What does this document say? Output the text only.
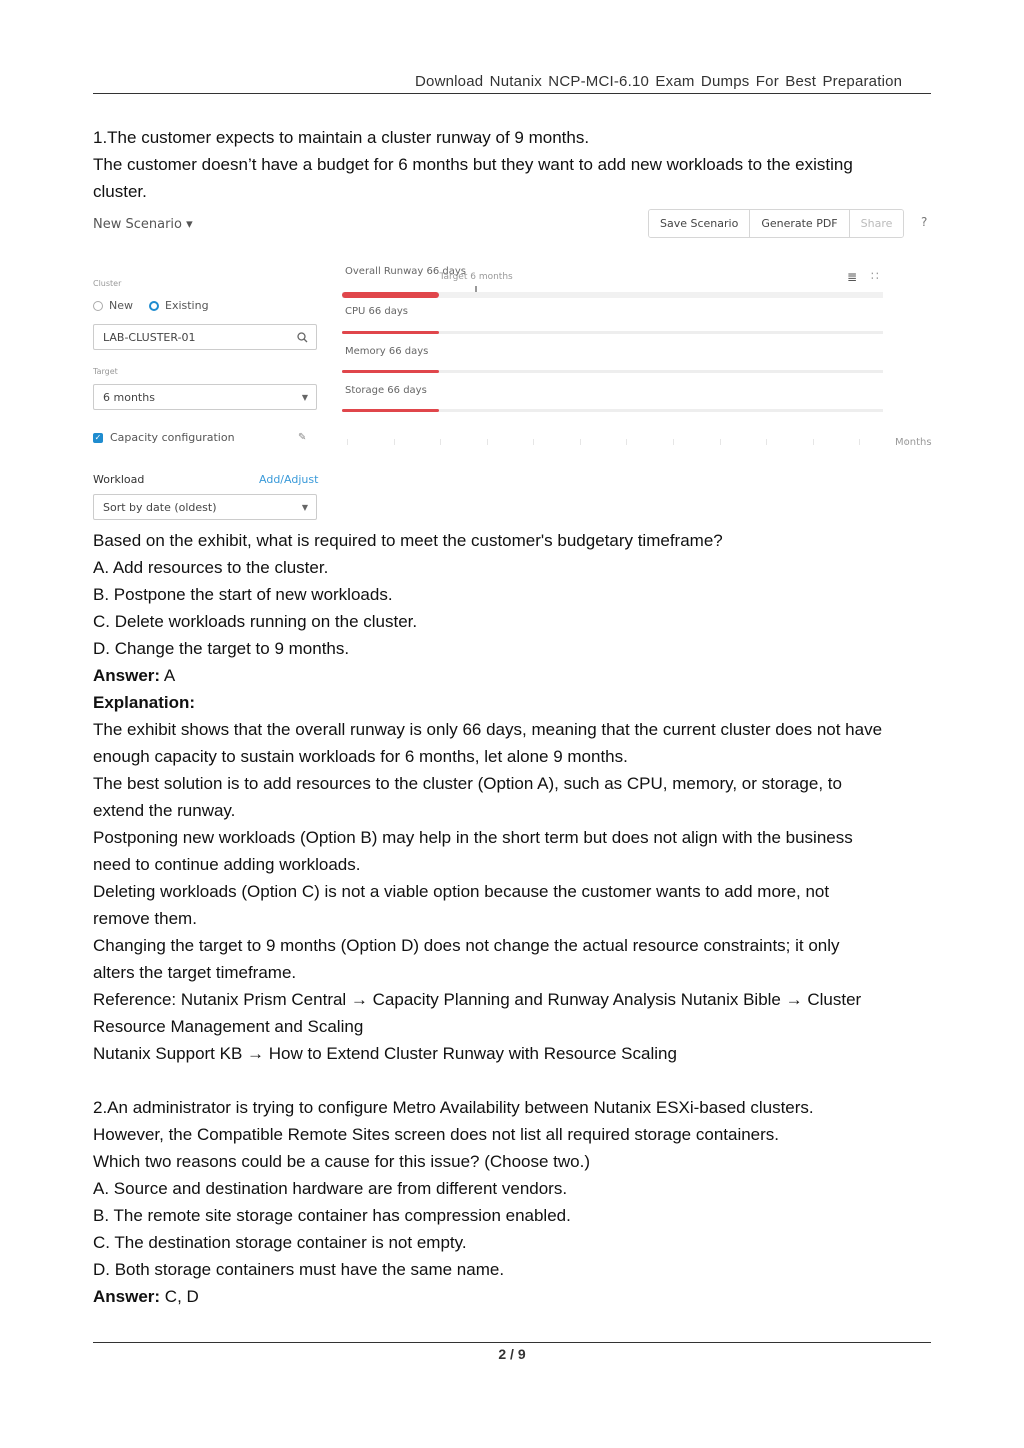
Download Nutanix NCP-MCI-6.10 Exam Dumps For Best Preparation

1.The customer expects to maintain a cluster runway of 9 months.

The customer doesn’t have a budget for 6 months but they want to add new workloads to the existing

cluster.

New Scenario ▾	Save Scenario	Generate PDF	Share	?
Cluster
New	Existing
LAB-CLUSTER-01
Target
6 months	▼
✓ Capacity configuration	✎
Workload	Add/Adjust
Sort by date (oldest)	▼
Overall Runway 66 days
Target 6 months	≣ ∷
CPU 66 days
Memory 66 days
Storage 66 days
Months

Based on the exhibit, what is required to meet the customer's budgetary timeframe?

A. Add resources to the cluster.

B. Postpone the start of new workloads.

C. Delete workloads running on the cluster.

D. Change the target to 9 months.

Answer: A

Explanation:

The exhibit shows that the overall runway is only 66 days, meaning that the current cluster does not have

enough capacity to sustain workloads for 6 months, let alone 9 months.

The best solution is to add resources to the cluster (Option A), such as CPU, memory, or storage, to

extend the runway.

Postponing new workloads (Option B) may help in the short term but does not align with the business

need to continue adding workloads.

Deleting workloads (Option C) is not a viable option because the customer wants to add more, not

remove them.

Changing the target to 9 months (Option D) does not change the actual resource constraints; it only

alters the target timeframe.

Reference: Nutanix Prism Central → Capacity Planning and Runway Analysis Nutanix Bible → Cluster

Resource Management and Scaling

Nutanix Support KB → How to Extend Cluster Runway with Resource Scaling

2.An administrator is trying to configure Metro Availability between Nutanix ESXi-based clusters.

However, the Compatible Remote Sites screen does not list all required storage containers.

Which two reasons could be a cause for this issue? (Choose two.)

A. Source and destination hardware are from different vendors.

B. The remote site storage container has compression enabled.

C. The destination storage container is not empty.

D. Both storage containers must have the same name.

Answer: C, D

2 / 9
